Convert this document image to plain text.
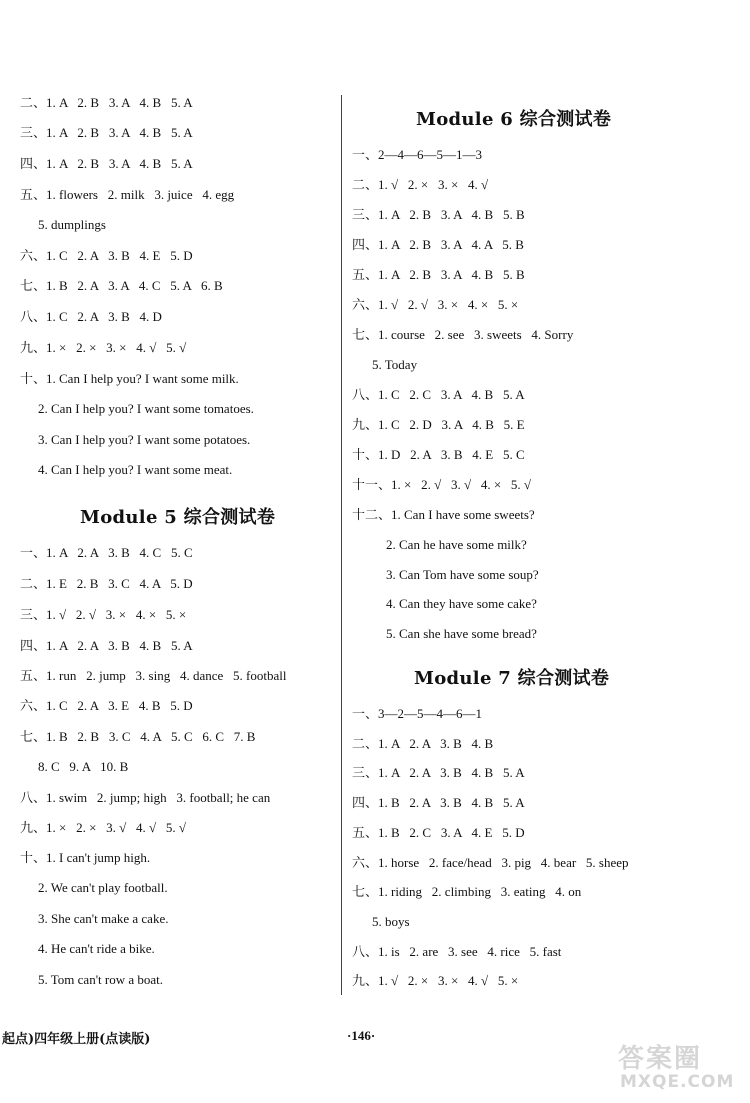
二、1. A   2. B   3. A   4. B   5. A
三、1. A   2. B   3. A   4. B   5. A
四、1. A   2. B   3. A   4. B   5. A
五、1. flowers   2. milk   3. juice   4. egg
5. dumplings
六、1. C   2. A   3. B   4. E   5. D
七、1. B   2. A   3. A   4. C   5. A   6. B
八、1. C   2. A   3. B   4. D
九、1. ×   2. ×   3. ×   4. √   5. √
十、1. Can I help you? I want some milk.
2. Can I help you? I want some tomatoes.
3. Can I help you? I want some potatoes.
4. Can I help you? I want some meat.
Module 5 综合测试卷
一、1. A   2. A   3. B   4. C   5. C
二、1. E   2. B   3. C   4. A   5. D
三、1. √   2. √   3. ×   4. ×   5. ×
四、1. A   2. A   3. B   4. B   5. A
五、1. run   2. jump   3. sing   4. dance   5. football
六、1. C   2. A   3. E   4. B   5. D
七、1. B   2. B   3. C   4. A   5. C   6. C   7. B
8. C   9. A   10. B
八、1. swim   2. jump; high   3. football; he can
九、1. ×   2. ×   3. √   4. √   5. √
十、1. I can't jump high.
2. We can't play football.
3. She can't make a cake.
4. He can't ride a bike.
5. Tom can't row a boat.
Module 6 综合测试卷
一、2—4—6—5—1—3
二、1. √   2. ×   3. ×   4. √
三、1. A   2. B   3. A   4. B   5. B
四、1. A   2. B   3. A   4. A   5. B
五、1. A   2. B   3. A   4. B   5. B
六、1. √   2. √   3. ×   4. ×   5. ×
七、1. course   2. see   3. sweets   4. Sorry
5. Today
八、1. C   2. C   3. A   4. B   5. A
九、1. C   2. D   3. A   4. B   5. E
十、1. D   2. A   3. B   4. E   5. C
十一、1. ×   2. √   3. √   4. ×   5. √
十二、1. Can I have some sweets?
2. Can he have some milk?
3. Can Tom have some soup?
4. Can they have some cake?
5. Can she have some bread?
Module 7 综合测试卷
一、3—2—5—4—6—1
二、1. A   2. A   3. B   4. B
三、1. A   2. A   3. B   4. B   5. A
四、1. B   2. A   3. B   4. B   5. A
五、1. B   2. C   3. A   4. E   5. D
六、1. horse   2. face/head   3. pig   4. bear   5. sheep
七、1. riding   2. climbing   3. eating   4. on
5. boys
八、1. is   2. are   3. see   4. rice   5. fast
九、1. √   2. ×   3. ×   4. √   5. ×
起点)四年级上册(点读版)	·146·
答案圈
MXQE.COM
